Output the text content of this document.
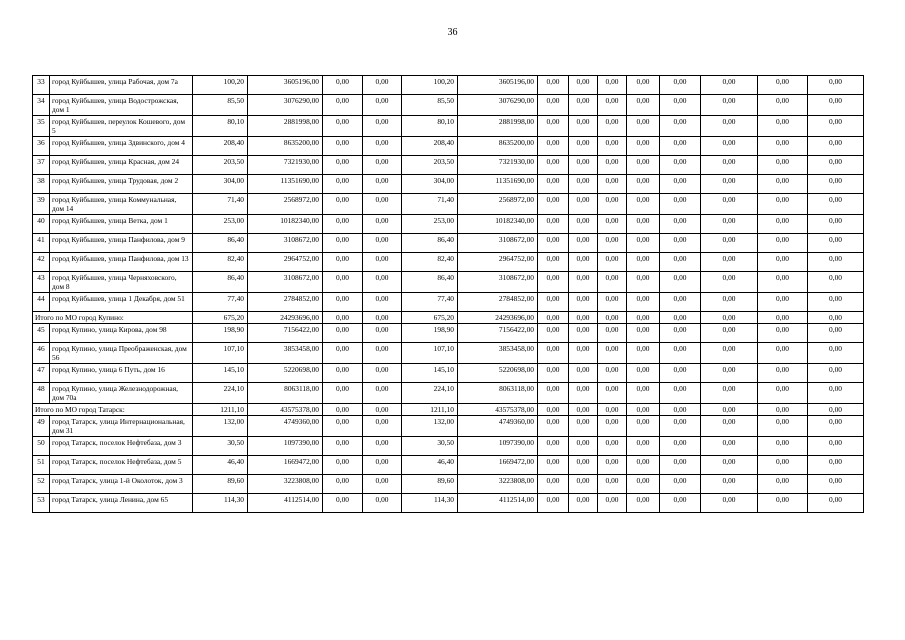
36
33	город Куйбышев, улица Рабочая, дом 7а	100,20	3605196,00	0,00	0,00	100,20	3605196,00	0,00	0,00	0,00	0,00	0,00	0,00	0,00	0,00
34	город Куйбышев, улица Водострожская, дом 1	85,50	3076290,00	0,00	0,00	85,50	3076290,00	0,00	0,00	0,00	0,00	0,00	0,00	0,00	0,00
35	город Куйбышев, переулок Кошевого, дом 5	80,10	2881998,00	0,00	0,00	80,10	2881998,00	0,00	0,00	0,00	0,00	0,00	0,00	0,00	0,00
36	город Куйбышев, улица Здвинского, дом 4	208,40	8635200,00	0,00	0,00	208,40	8635200,00	0,00	0,00	0,00	0,00	0,00	0,00	0,00	0,00
37	город Куйбышев, улица Красная, дом 24	203,50	7321930,00	0,00	0,00	203,50	7321930,00	0,00	0,00	0,00	0,00	0,00	0,00	0,00	0,00
38	город Куйбышев, улица Трудовая, дом 2	304,00	11351690,00	0,00	0,00	304,00	11351690,00	0,00	0,00	0,00	0,00	0,00	0,00	0,00	0,00
39	город Куйбышев, улица Коммунальная, дом 14	71,40	2568972,00	0,00	0,00	71,40	2568972,00	0,00	0,00	0,00	0,00	0,00	0,00	0,00	0,00
40	город Куйбышев, улица Ветка, дом 1	253,00	10182340,00	0,00	0,00	253,00	10182340,00	0,00	0,00	0,00	0,00	0,00	0,00	0,00	0,00
41	город Куйбышев, улица Панфилова, дом 9	86,40	3108672,00	0,00	0,00	86,40	3108672,00	0,00	0,00	0,00	0,00	0,00	0,00	0,00	0,00
42	город Куйбышев, улица Панфилова, дом 13	82,40	2964752,00	0,00	0,00	82,40	2964752,00	0,00	0,00	0,00	0,00	0,00	0,00	0,00	0,00
43	город Куйбышев, улица Черняховского, дом 8	86,40	3108672,00	0,00	0,00	86,40	3108672,00	0,00	0,00	0,00	0,00	0,00	0,00	0,00	0,00
44	город Куйбышев, улица 1 Декабря, дом 51	77,40	2784852,00	0,00	0,00	77,40	2784852,00	0,00	0,00	0,00	0,00	0,00	0,00	0,00	0,00
Итого по МО город Купино:		675,20	24293696,00	0,00	0,00	675,20	24293696,00	0,00	0,00	0,00	0,00	0,00	0,00	0,00	0,00
45	город Купино, улица Кирова, дом 98	198,90	7156422,00	0,00	0,00	198,90	7156422,00	0,00	0,00	0,00	0,00	0,00	0,00	0,00	0,00
46	город Купино, улица Преображенская, дом 56	107,10	3853458,00	0,00	0,00	107,10	3853458,00	0,00	0,00	0,00	0,00	0,00	0,00	0,00	0,00
47	город Купино, улица 6 Путь, дом 16	145,10	5220698,00	0,00	0,00	145,10	5220698,00	0,00	0,00	0,00	0,00	0,00	0,00	0,00	0,00
48	город Купино, улица Железнодорожная, дом 70а	224,10	8063118,00	0,00	0,00	224,10	8063118,00	0,00	0,00	0,00	0,00	0,00	0,00	0,00	0,00
Итого по МО город Татарск:		1211,10	43575378,00	0,00	0,00	1211,10	43575378,00	0,00	0,00	0,00	0,00	0,00	0,00	0,00	0,00
49	город Татарск, улица Интернациональная, дом 31	132,00	4749360,00	0,00	0,00	132,00	4749360,00	0,00	0,00	0,00	0,00	0,00	0,00	0,00	0,00
50	город Татарск, поселок Нефтебаза, дом 3	30,50	1097390,00	0,00	0,00	30,50	1097390,00	0,00	0,00	0,00	0,00	0,00	0,00	0,00	0,00
51	город Татарск, поселок Нефтебаза, дом 5	46,40	1669472,00	0,00	0,00	46,40	1669472,00	0,00	0,00	0,00	0,00	0,00	0,00	0,00	0,00
52	город Татарск, улица 1-й Околоток, дом 3	89,60	3223808,00	0,00	0,00	89,60	3223808,00	0,00	0,00	0,00	0,00	0,00	0,00	0,00	0,00
53	город Татарск, улица Ленина, дом 65	114,30	4112514,00	0,00	0,00	114,30	4112514,00	0,00	0,00	0,00	0,00	0,00	0,00	0,00	0,00
